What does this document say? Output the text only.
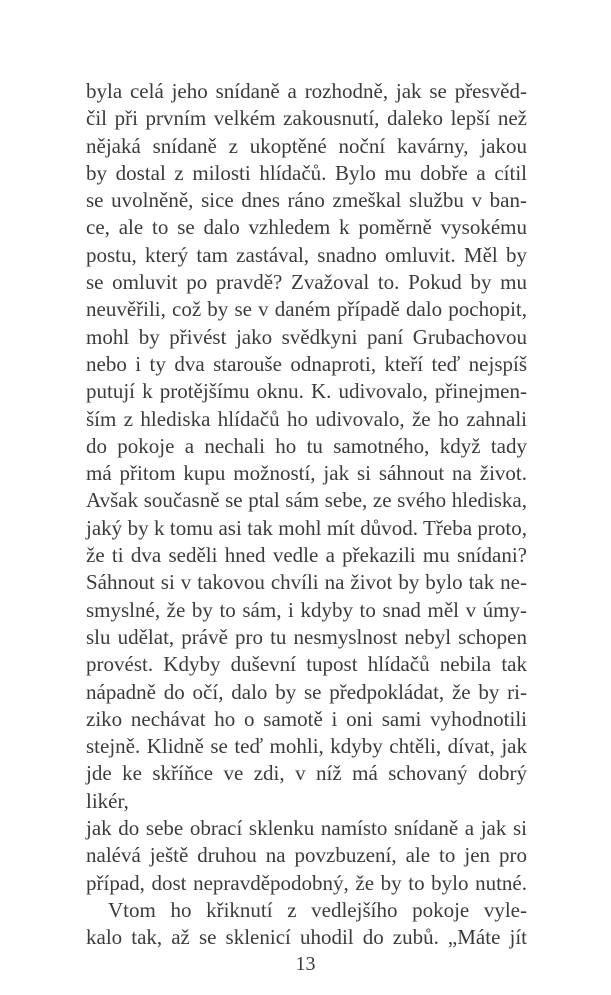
byla celá jeho snídaně a rozhodně, jak se přesvěd-
čil při prvním velkém zakousnutí, daleko lepší než
nějaká snídaně z ukoptěné noční kavárny, jakou
by dostal z milosti hlídačů. Bylo mu dobře a cítil
se uvolněně, sice dnes ráno zmeškal službu v ban-
ce, ale to se dalo vzhledem k poměrně vysokému
postu, který tam zastával, snadno omluvit. Měl by
se omluvit po pravdě? Zvažoval to. Pokud by mu
neuvěřili, což by se v daném případě dalo pochopit,
mohl by přivést jako svědkyni paní Grubachovou
nebo i ty dva starouše odnaproti, kteří teď nejspíš
putují k protějšímu oknu. K. udivovalo, přinejmen-
ším z hlediska hlídačů ho udivovalo, že ho zahnali
do pokoje a nechali ho tu samotného, když tady
má přitom kupu možností, jak si sáhnout na život.
Avšak současně se ptal sám sebe, ze svého hlediska,
jaký by k tomu asi tak mohl mít důvod. Třeba proto,
že ti dva seděli hned vedle a překazili mu snídani?
Sáhnout si v takovou chvíli na život by bylo tak ne-
smyslné, že by to sám, i kdyby to snad měl v úmy-
slu udělat, právě pro tu nesmyslnost nebyl schopen
provést. Kdyby duševní tupost hlídačů nebila tak
nápadně do očí, dalo by se předpokládat, že by ri-
ziko nechávat ho o samotě i oni sami vyhodnotili
stejně. Klidně se teď mohli, kdyby chtěli, dívat, jak
jde ke skříňce ve zdi, v níž má schovaný dobrý likér,
jak do sebe obrací sklenku namísto snídaně a jak si
nalévá ještě druhou na povzbuzení, ale to jen pro
případ, dost nepravděpodobný, že by to bylo nutné.
Vtom ho křiknutí z vedlejšího pokoje vyle-
kalo tak, až se sklenicí uhodil do zubů. „Máte jít
13
